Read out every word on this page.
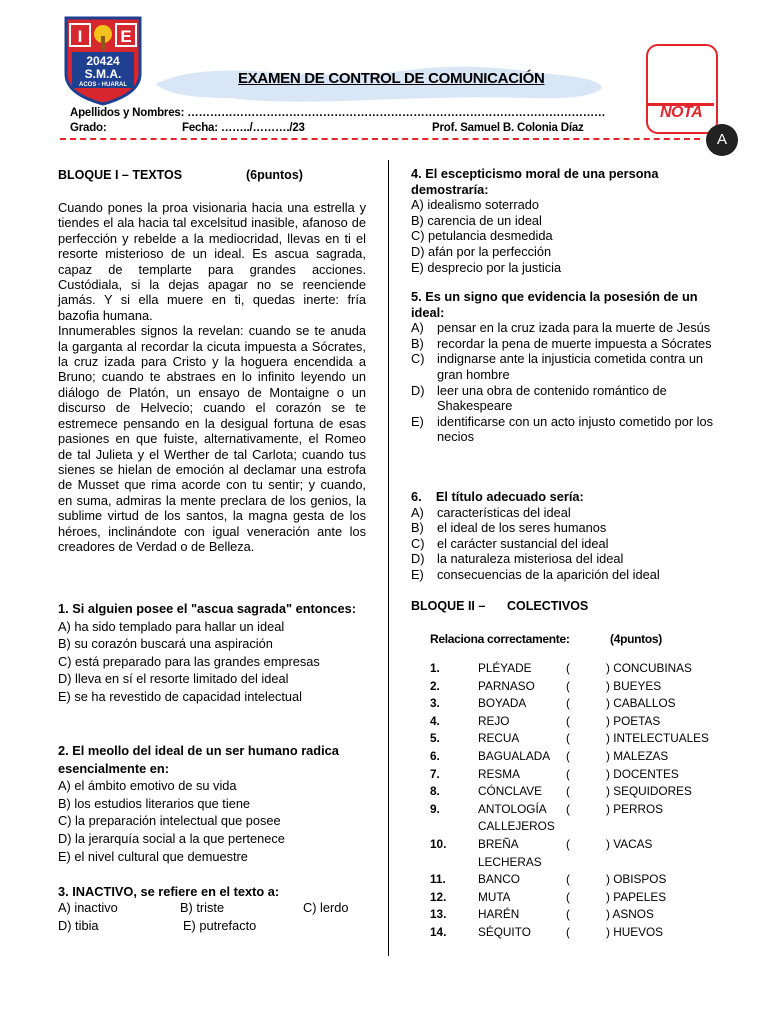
I E
20424
S.M.A.
ACOS - HUARAL	EXAMEN DE CONTROL DE COMUNICACIÓN
Apellidos y Nombres: …………………………………………………………………………………………………
Grado:	Fecha: ……../………./23	Prof. Samuel B. Colonia Díaz
NOTA
A
BLOQUE I – TEXTOS	(6puntos)
Cuando pones la proa visionaria hacia una estrella y tiendes el ala hacia tal excelsitud inasible, afanoso de perfección y rebelde a la mediocridad, llevas en ti el resorte misterioso de un ideal. Es ascua sagrada, capaz de templarte para grandes acciones. Custódiala, si la dejas apagar no se reenciende jamás. Y si ella muere en ti, quedas inerte: fría bazofia humana.
Innumerables signos la revelan: cuando se te anuda la garganta al recordar la cicuta impuesta a Sócrates, la cruz izada para Cristo y la hoguera encendida a Bruno; cuando te abstraes en lo infinito leyendo un diálogo de Platón, un ensayo de Montaigne o un discurso de Helvecio; cuando el corazón se te estremece pensando en la desigual fortuna de esas pasiones en que fuiste, alternativamente, el Romeo de tal Julieta y el Werther de tal Carlota; cuando tus sienes se hielan de emoción al declamar una estrofa de Musset que rima acorde con tu sentir; y cuando, en suma, admiras la mente preclara de los genios, la sublime virtud de los santos, la magna gesta de los héroes, inclinándote con igual veneración ante los creadores de Verdad o de Belleza.
1. Si alguien posee el "ascua sagrada" entonces:
A) ha sido templado para hallar un ideal
B) su corazón buscará una aspiración
C) está preparado para las grandes empresas
D) lleva en sí el resorte limitado del ideal
E) se ha revestido de capacidad intelectual
2. El meollo del ideal de un ser humano radica esencialmente en:
A) el ámbito emotivo de su vida
B) los estudios literarios que tiene
C) la preparación intelectual que posee
D) la jerarquía social a la que pertenece
E) el nivel cultural que demuestre
3. INACTIVO, se refiere en el texto a:
A) inactivo	B) triste	C) lerdo
D) tibia	E) putrefacto
4. El escepticismo moral de una persona demostraría:
A) idealismo soterrado
B) carencia de un ideal
C) petulancia desmedida
D) afán por la perfección
E) desprecio por la justicia
5. Es un signo que evidencia la posesión de un ideal:
A)	pensar en la cruz izada para la muerte de Jesús
B)	recordar la pena de muerte impuesta a Sócrates
C) indignarse ante la injusticia cometida contra un gran hombre
D) leer una obra de contenido romántico de Shakespeare
E)	identificarse con un acto injusto cometido por los necios
6.    El título adecuado sería:
A)	características del ideal
B)	el ideal de los seres humanos
C) el carácter sustancial del ideal
D) la naturaleza misteriosa del ideal
E)	consecuencias de la aparición del ideal
BLOQUE II – COLECTIVOS
Relaciona correctamente:	(4puntos)
1.	PLÉYADE	(	) CONCUBINAS
2.	PARNASO	(	) BUEYES
3.	BOYADA	(	) CABALLOS
4.	REJO	(	) POETAS
5.	RECUA	(	) INTELECTUALES
6.	BAGUALADA	(	) MALEZAS
7.	RESMA	(	) DOCENTES
8.	CÓNCLAVE	(	) SEQUIDORES
9.	ANTOLOGÍA	(	) PERROS
CALLEJEROS
10.	BREÑA	(	) VACAS
LECHERAS
11.	BANCO	(	) OBISPOS
12.	MUTA	(	) PAPELES
13.	HARÉN	(	) ASNOS
14.	SÉQUITO	(	) HUEVOS
